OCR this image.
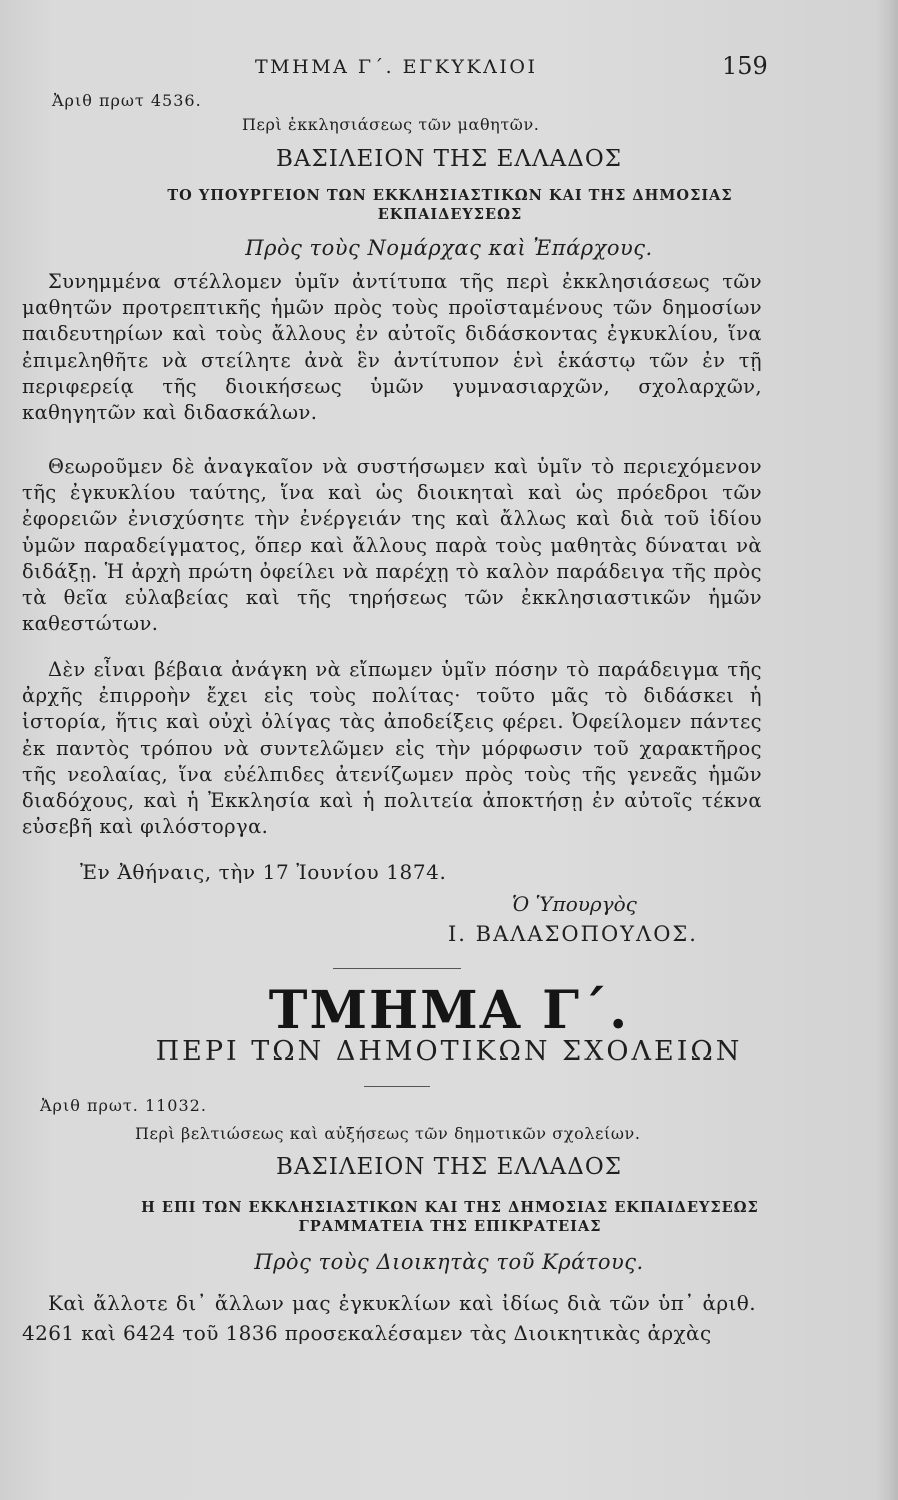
ΤΜΗΜΑ Γ΄. ΕΓΚΥΚΛΙΟΙ	159
Ἀριθ πρωτ 4536.
Περὶ ἐκκλησιάσεως τῶν μαθητῶν.
ΒΑΣΙΛΕΙΟΝ ΤΗΣ ΕΛΛΑΔΟΣ
ΤΟ ΥΠΟΥΡΓΕΙΟΝ ΤΩΝ ΕΚΚΛΗΣΙΑΣΤΙΚΩΝ ΚΑΙ ΤΗΣ ΔΗΜΟΣΙΑΣ ΕΚΠΑΙΔΕΥΣΕΩΣ
Πρὸς τοὺς Νομάρχας καὶ Ἐπάρχους.
Συνημμένα στέλλομεν ὑμῖν ἀντίτυπα τῆς περὶ ἐκκλησιάσεως τῶν μαθητῶν προτρεπτικῆς ἡμῶν πρὸς τοὺς προϊσταμένους τῶν δημοσίων παιδευτηρίων καὶ τοὺς ἄλλους ἐν αὐτοῖς διδάσκοντας ἐγκυκλίου, ἵνα ἐπιμεληθῆτε νὰ στείλητε ἀνὰ ἓν ἀντίτυπον ἑνὶ ἑκάστῳ τῶν ἐν τῇ περιφερείᾳ τῆς διοικήσεως ὑμῶν γυμνασιαρχῶν, σχολαρχῶν, καθηγητῶν καὶ διδασκάλων.
Θεωροῦμεν δὲ ἀναγκαῖον νὰ συστήσωμεν καὶ ὑμῖν τὸ περιεχόμενον τῆς ἐγκυκλίου ταύτης, ἵνα καὶ ὡς διοικηταὶ καὶ ὡς πρόεδροι τῶν ἐφορειῶν ἐνισχύσητε τὴν ἐνέργειάν της καὶ ἄλλως καὶ διὰ τοῦ ἰδίου ὑμῶν παραδείγματος, ὅπερ καὶ ἄλλους παρὰ τοὺς μαθητὰς δύναται νὰ διδάξῃ. Ἡ ἀρχὴ πρώτη ὀφείλει νὰ παρέχῃ τὸ καλὸν παράδειγα τῆς πρὸς τὰ θεῖα εὐλαβείας καὶ τῆς τηρήσεως τῶν ἐκκλησιαστικῶν ἡμῶν καθεστώτων.
Δὲν εἶναι βέβαια ἀνάγκη νὰ εἴπωμεν ὑμῖν πόσην τὸ παράδειγμα τῆς ἀρχῆς ἐπιρροὴν ἔχει εἰς τοὺς πολίτας· τοῦτο μᾶς τὸ διδάσκει ἡ ἱστορία, ἥτις καὶ οὐχὶ ὀλίγας τὰς ἀποδείξεις φέρει. Ὀφείλομεν πάντες ἐκ παντὸς τρόπου νὰ συντελῶμεν εἰς τὴν μόρφωσιν τοῦ χαρακτῆρος τῆς νεολαίας, ἵνα εὐέλπιδες ἀτενίζωμεν πρὸς τοὺς τῆς γενεᾶς ἡμῶν διαδόχους, καὶ ἡ Ἐκκλησία καὶ ἡ πολιτεία ἀποκτήσῃ ἐν αὐτοῖς τέκνα εὐσεβῆ καὶ φιλόστοργα.
Ἐν Ἀθήναις, τὴν 17 Ἰουνίου 1874.
Ὁ Ὑπουργὸς
Ι. ΒΑΛΑΣΟΠΟΥΛΟΣ.
ΤΜΗΜΑ Γ΄.
ΠΕΡΙ ΤΩΝ ΔΗΜΟΤΙΚΩΝ ΣΧΟΛΕΙΩΝ
Ἀριθ πρωτ. 11032.
Περὶ βελτιώσεως καὶ αὐξήσεως τῶν δημοτικῶν σχολείων.
ΒΑΣΙΛΕΙΟΝ ΤΗΣ ΕΛΛΑΔΟΣ
Η ΕΠΙ ΤΩΝ ΕΚΚΛΗΣΙΑΣΤΙΚΩΝ ΚΑΙ ΤΗΣ ΔΗΜΟΣΙΑΣ ΕΚΠΑΙΔΕΥΣΕΩΣ ΓΡΑΜΜΑΤΕΙΑ ΤΗΣ ΕΠΙΚΡΑΤΕΙΑΣ
Πρὸς τοὺς Διοικητὰς τοῦ Κράτους.
Καὶ ἄλλοτε δι᾽ ἄλλων μας ἐγκυκλίων καὶ ἰδίως διὰ τῶν ὑπ᾽ ἀριθ. 4261 καὶ 6424 τοῦ 1836 προσεκαλέσαμεν τὰς Διοικητικὰς ἀρχὰς
